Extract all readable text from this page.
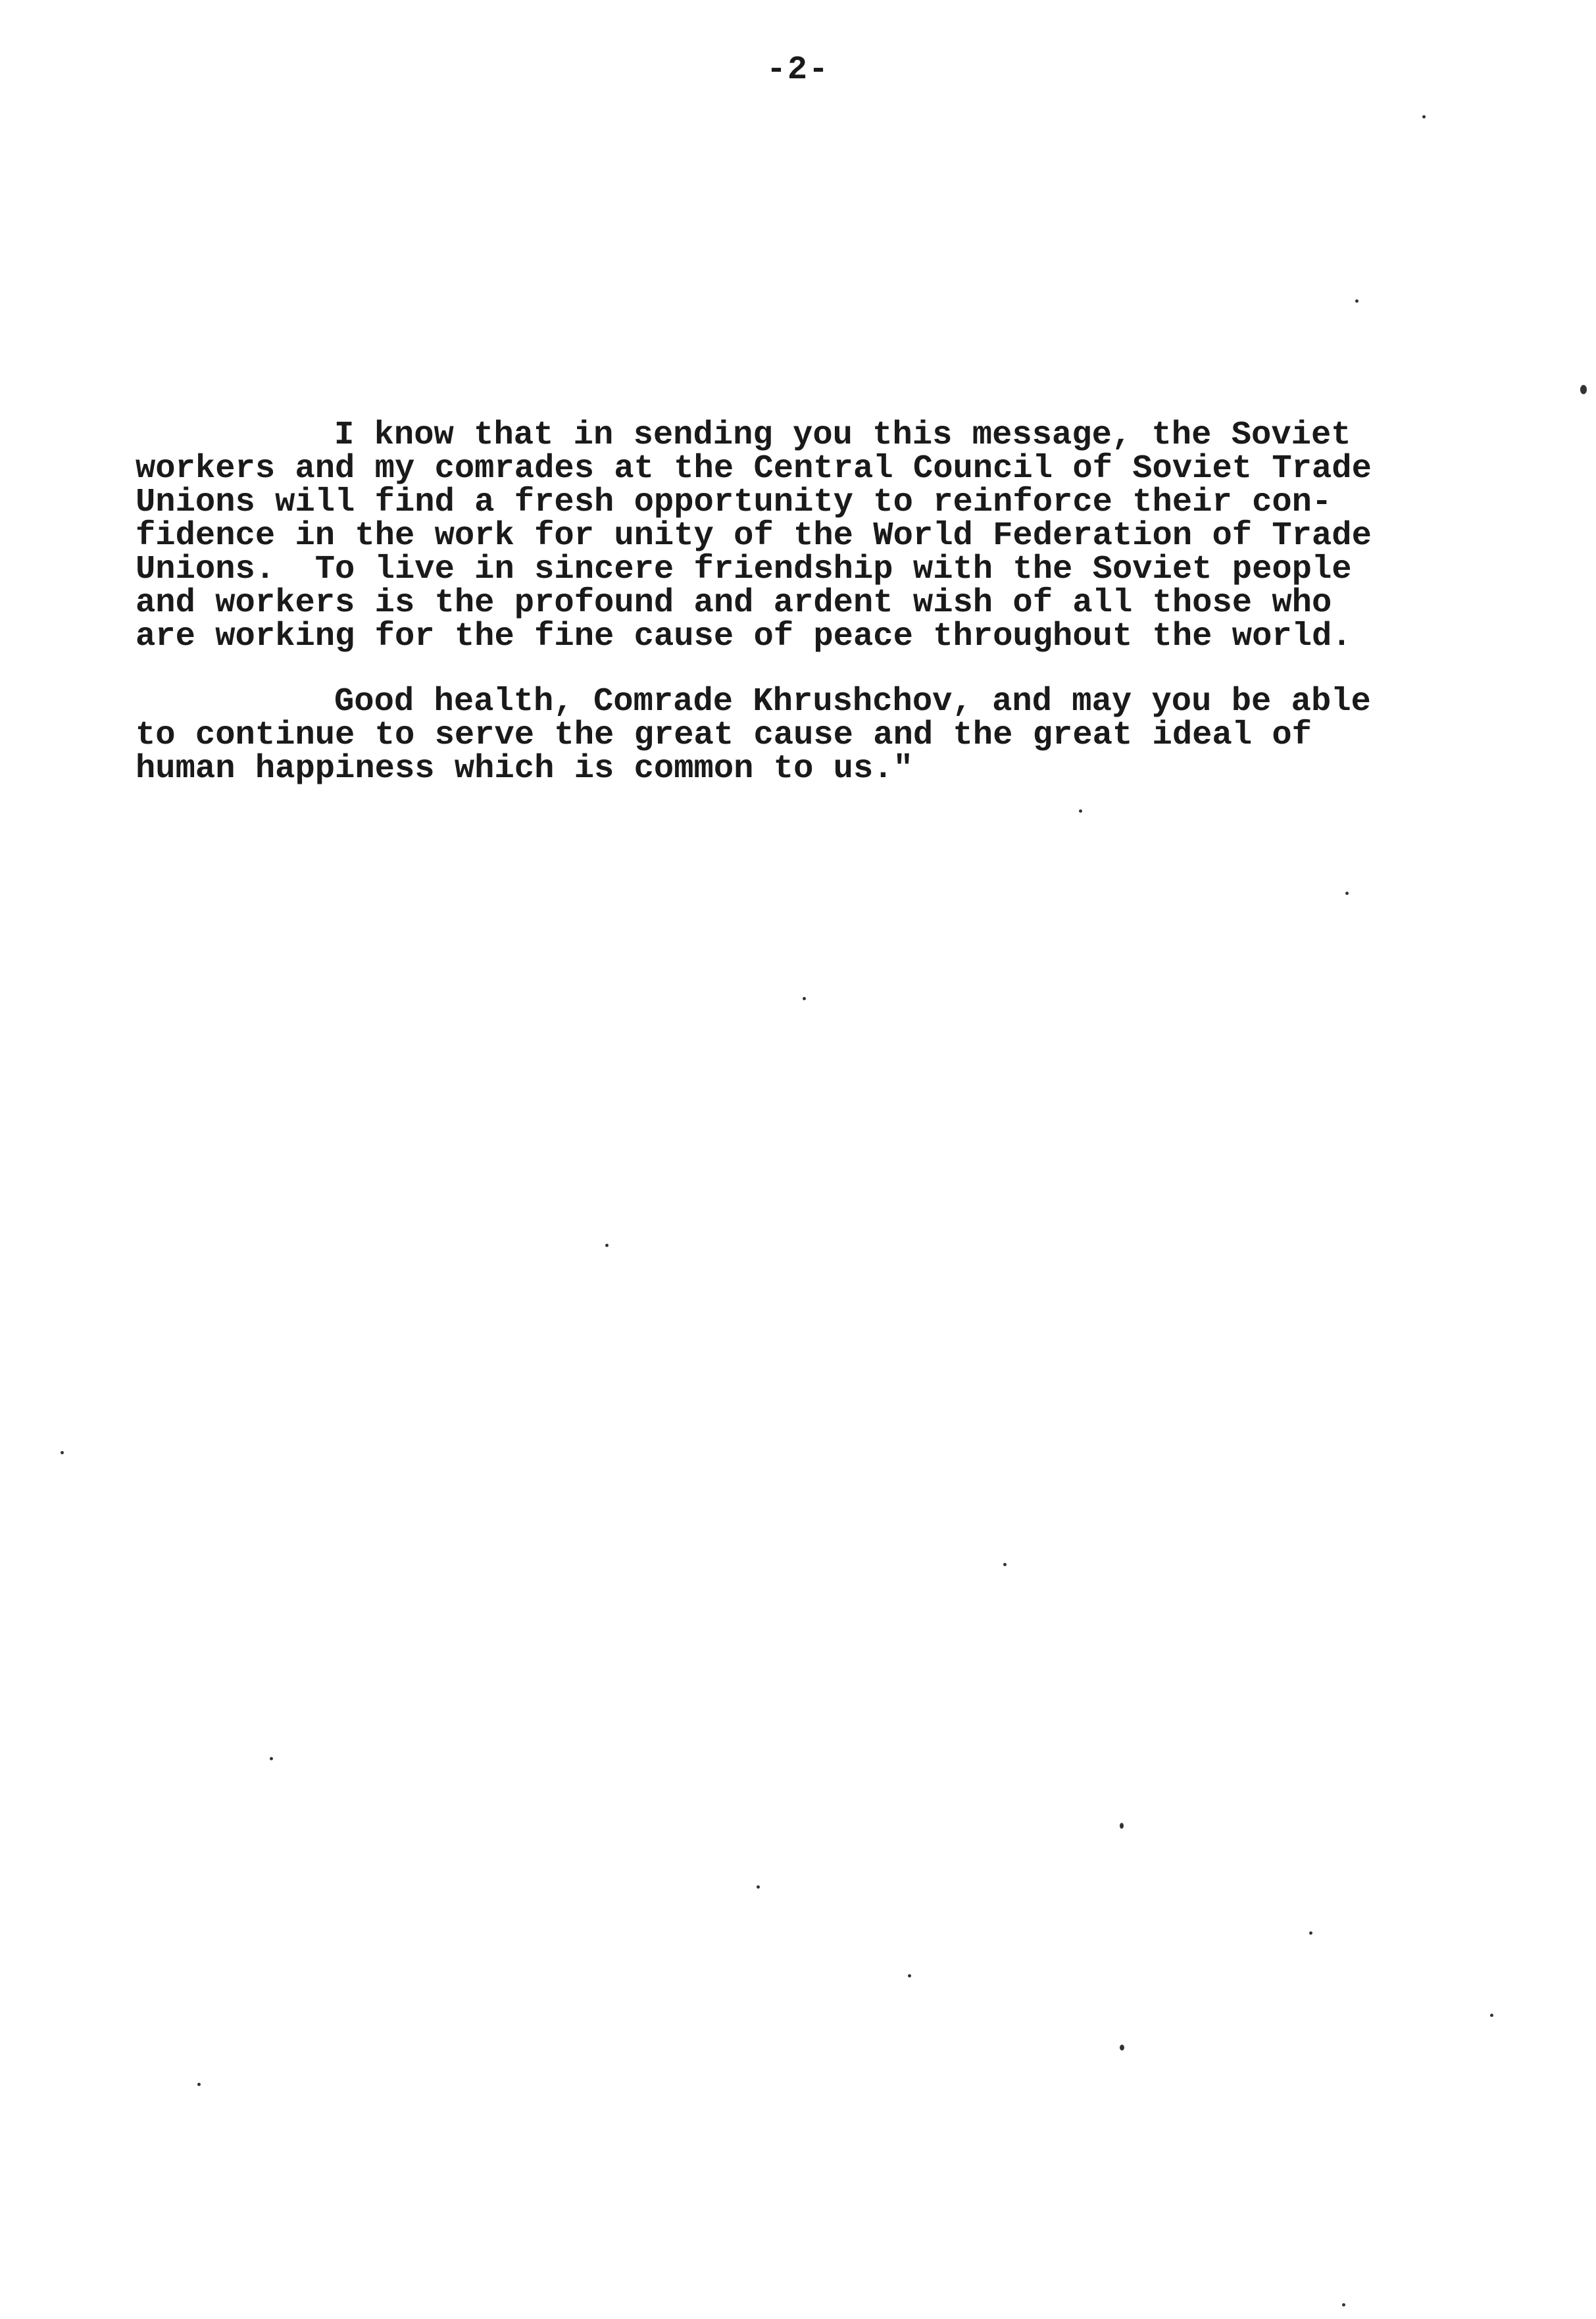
-2-
I know that in sending you this message, the Soviet
workers and my comrades at the Central Council of Soviet Trade
Unions will find a fresh opportunity to reinforce their con-
fidence in the work for unity of the World Federation of Trade
Unions.  To live in sincere friendship with the Soviet people
and workers is the profound and ardent wish of all those who
are working for the fine cause of peace throughout the world.
Good health, Comrade Khrushchov, and may you be able
to continue to serve the great cause and the great ideal of
human happiness which is common to us."
